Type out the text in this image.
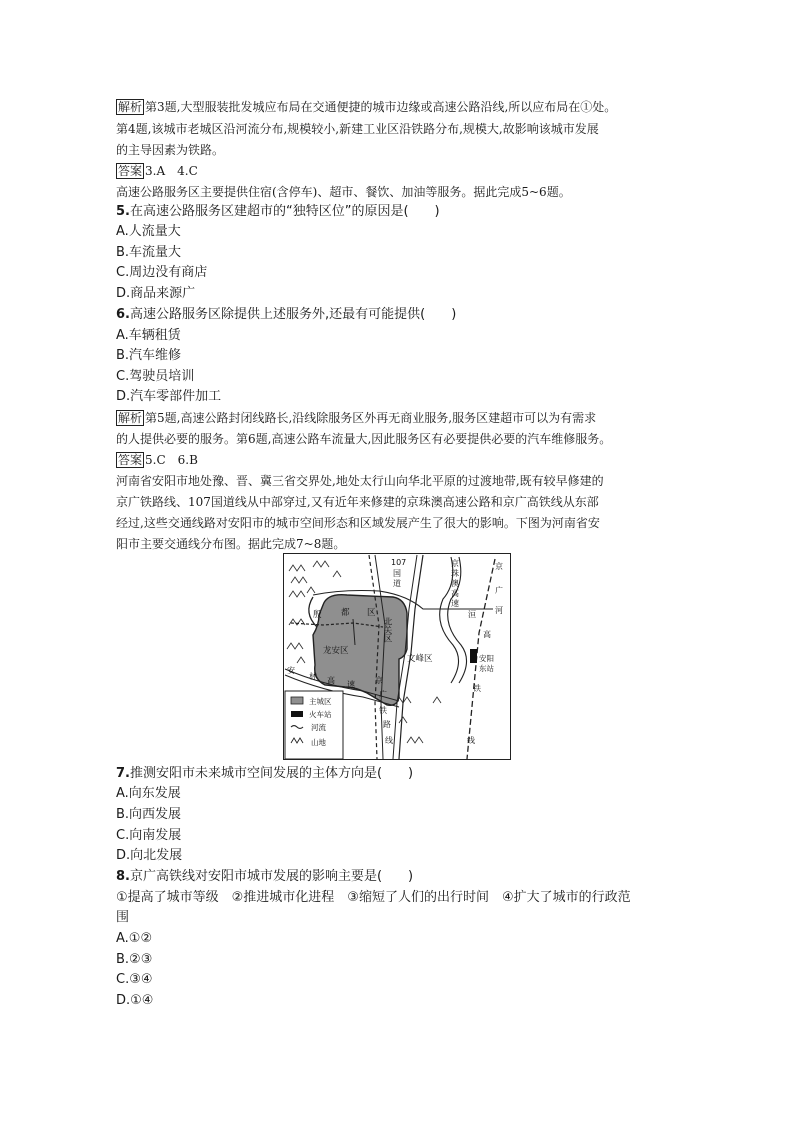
解析 第3题,大型服装批发城应布局在交通便捷的城市边缘或高速公路沿线,所以应布局在①处。
第4题,该城市老城区沿河流分布,规模较小,新建工业区沿铁路分布,规模大,故影响该城市发展
的主导因素为铁路。
答案 3.A　4.C
高速公路服务区主要提供住宿(含停车)、超市、餐饮、加油等服务。据此完成5~6题。
5.在高速公路服务区建超市的“独特区位”的原因是(　　)
A.人流量大
B.车流量大
C.周边没有商店
D.商品来源广
6.高速公路服务区除提供上述服务外,还最有可能提供(　　)
A.车辆租赁
B.汽车维修
C.驾驶员培训
D.汽车零部件加工
解析 第5题,高速公路封闭线路长,沿线除服务区外再无商业服务,服务区建超市可以为有需求
的人提供必要的服务。第6题,高速公路车流量大,因此服务区有必要提供必要的汽车维修服务。
答案 5.C　6.B
河南省安阳市地处豫、晋、冀三省交界处,地处太行山向华北平原的过渡地带,既有较早修建的
京广铁路线、107国道线从中部穿过,又有近年来修建的京珠澳高速公路和京广高铁线从东部
经过,这些交通线路对安阳市的城市空间形态和区域发展产生了很大的影响。下图为河南省安
阳市主要交通线分布图。据此完成7~8题。
殷 都 区
北关区
龙安区
文峰区
107
国
道
京
珠
澳
高
速
京
广
河
洹
高
安阳
东站
铁
线
安
林 高 速	京
广
铁
路
线
主城区
火车站
河流
山地
7.推测安阳市未来城市空间发展的主体方向是(　　)
A.向东发展
B.向西发展
C.向南发展
D.向北发展
8.京广高铁线对安阳市城市发展的影响主要是(　　)
①提高了城市等级　②推进城市化进程　③缩短了人们的出行时间　④扩大了城市的行政范
围
A.①②
B.②③
C.③④
D.①④
